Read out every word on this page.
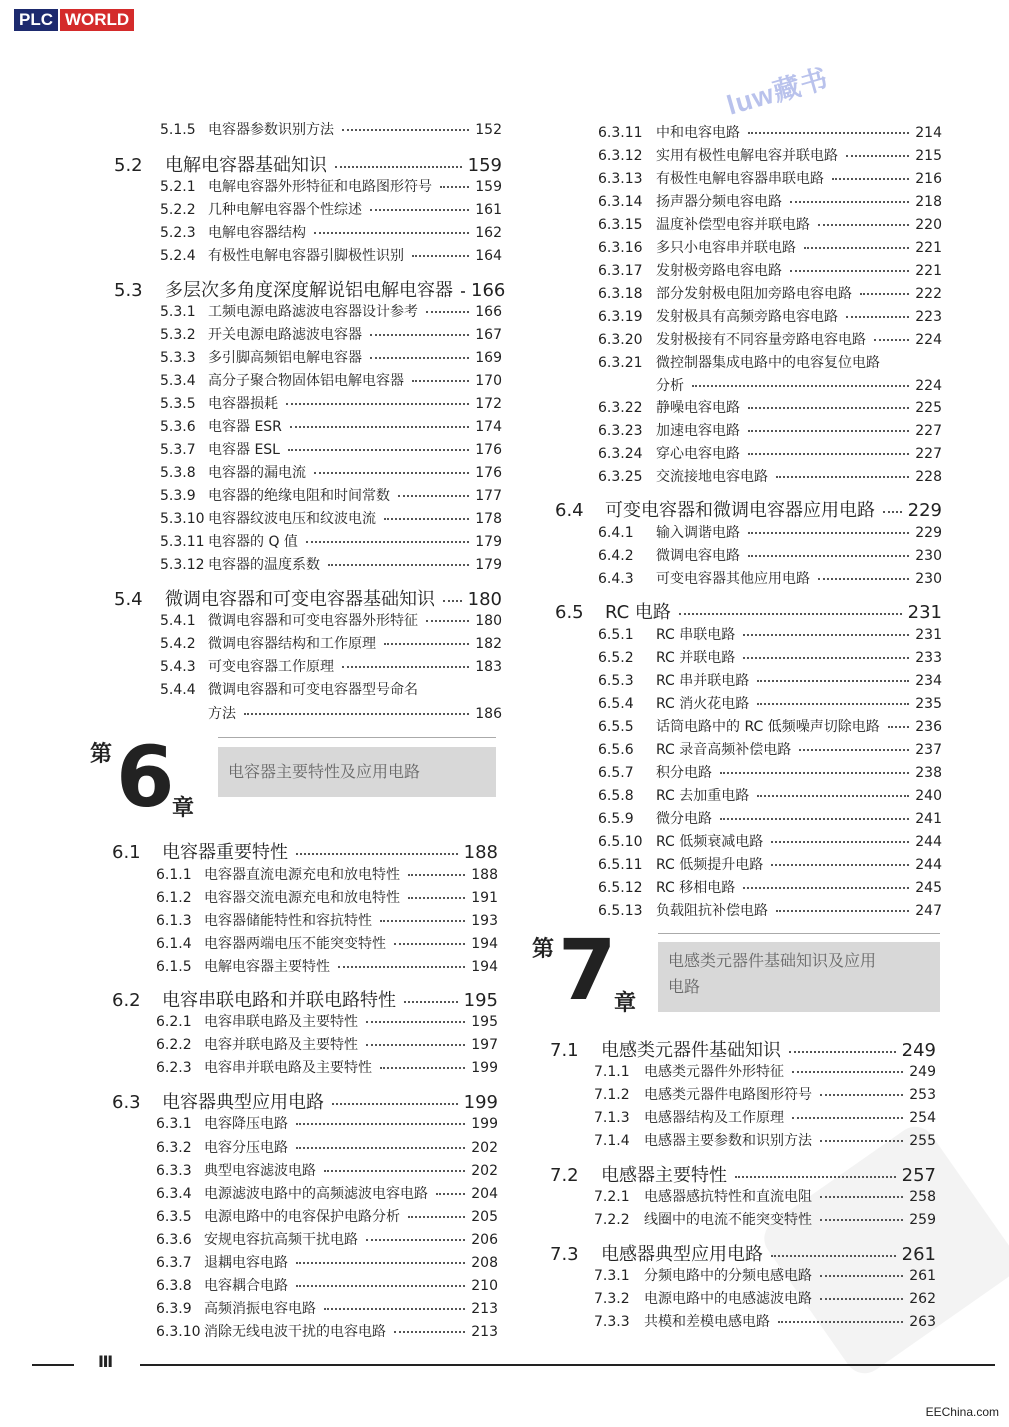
PLC WORLD
luw藏书
5.1.5 电容器参数识别方法	152
5.2	电解电容器基础知识	159
5.2.1 电解电容器外形特征和电路图形符号	159
5.2.2 几种电解电容器个性综述	161
5.2.3 电解电容器结构	162
5.2.4 有极性电解电容器引脚极性识别	164
5.3	多层次多角度深度解说铝电解电容器 166
5.3.1 工频电源电路滤波电容器设计参考	166
5.3.2 开关电源电路滤波电容器	167
5.3.3 多引脚高频铝电解电容器	169
5.3.4 高分子聚合物固体铝电解电容器	170
5.3.5 电容器损耗	172
5.3.6 电容器 ESR	174
5.3.7 电容器 ESL	176
5.3.8 电容器的漏电流	176
5.3.9 电容器的绝缘电阻和时间常数	177
5.3.10 电容器纹波电压和纹波电流	178
5.3.11 电容器的 Q 值	179
5.3.12 电容器的温度系数	179
5.4	微调电容器和可变电容器基础知识 180
5.4.1 微调电容器和可变电容器外形特征	180
5.4.2 微调电容器结构和工作原理	182
5.4.3 可变电容器工作原理	183
5.4.4 微调电容器和可变电容器型号命名
方法	186
6.1	电容器重要特性	188
6.1.1 电容器直流电源充电和放电特性	188
6.1.2 电容器交流电源充电和放电特性	191
6.1.3 电容器储能特性和容抗特性	193
6.1.4 电容器两端电压不能突变特性	194
6.1.5 电解电容器主要特性	194
6.2	电容串联电路和并联电路特性	195
6.2.1 电容串联电路及主要特性	195
6.2.2 电容并联电路及主要特性	197
6.2.3 电容串并联电路及主要特性	199
6.3	电容器典型应用电路	199
6.3.1 电容降压电路	199
6.3.2 电容分压电路	202
6.3.3 典型电容滤波电路	202
6.3.4 电源滤波电路中的高频滤波电容电路	204
6.3.5 电源电路中的电容保护电路分析	205
6.3.6 安规电容抗高频干扰电路	206
6.3.7 退耦电容电路	208
6.3.8 电容耦合电路	210
6.3.9 高频消振电容电路	213
6.3.10 消除无线电波干扰的电容电路	213
6.3.11 中和电容电路	214
6.3.12 实用有极性电解电容并联电路	215
6.3.13 有极性电解电容器串联电路	216
6.3.14 扬声器分频电容电路	218
6.3.15 温度补偿型电容并联电路	220
6.3.16 多只小电容串并联电路	221
6.3.17 发射极旁路电容电路	221
6.3.18 部分发射极电阻加旁路电容电路	222
6.3.19 发射极具有高频旁路电容电路	223
6.3.20 发射极接有不同容量旁路电容电路	224
6.3.21 微控制器集成电路中的电容复位电路
分析	224
6.3.22 静噪电容电路	225
6.3.23 加速电容电路	227
6.3.24 穿心电容电路	227
6.3.25 交流接地电容电路	228
6.4	可变电容器和微调电容器应用电路 229
6.4.1	输入调谐电路	229
6.4.2	微调电容电路	230
6.4.3	可变电容器其他应用电路	230
6.5	RC 电路	231
6.5.1	RC 串联电路	231
6.5.2	RC 并联电路	233
6.5.3	RC 串并联电路	234
6.5.4	RC 消火花电路	235
6.5.5	话筒电路中的 RC 低频噪声切除电路	236
6.5.6	RC 录音高频补偿电路	237
6.5.7	积分电路	238
6.5.8	RC 去加重电路	240
6.5.9	微分电路	241
6.5.10 RC 低频衰减电路	244
6.5.11 RC 低频提升电路	244
6.5.12 RC 移相电路	245
6.5.13 负载阻抗补偿电路	247
7.1	电感类元器件基础知识	249
7.1.1	电感类元器件外形特征	249
7.1.2	电感类元器件电路图形符号	253
7.1.3	电感器结构及工作原理	254
7.1.4	电感器主要参数和识别方法	255
7.2	电感器主要特性	257
7.2.1	电感器感抗特性和直流电阻	258
7.2.2	线圈中的电流不能突变特性	259
7.3	电感器典型应用电路	261
7.3.1	分频电路中的分频电感电路	261
7.3.2	电源电路中的电感滤波电路	262
7.3.3	共模和差模电感电路	263
第 6
章
电容器主要特性及应用电路
第 7
章
电感类元器件基础知识及应用
电路
Ⅲ
EEChina.com
